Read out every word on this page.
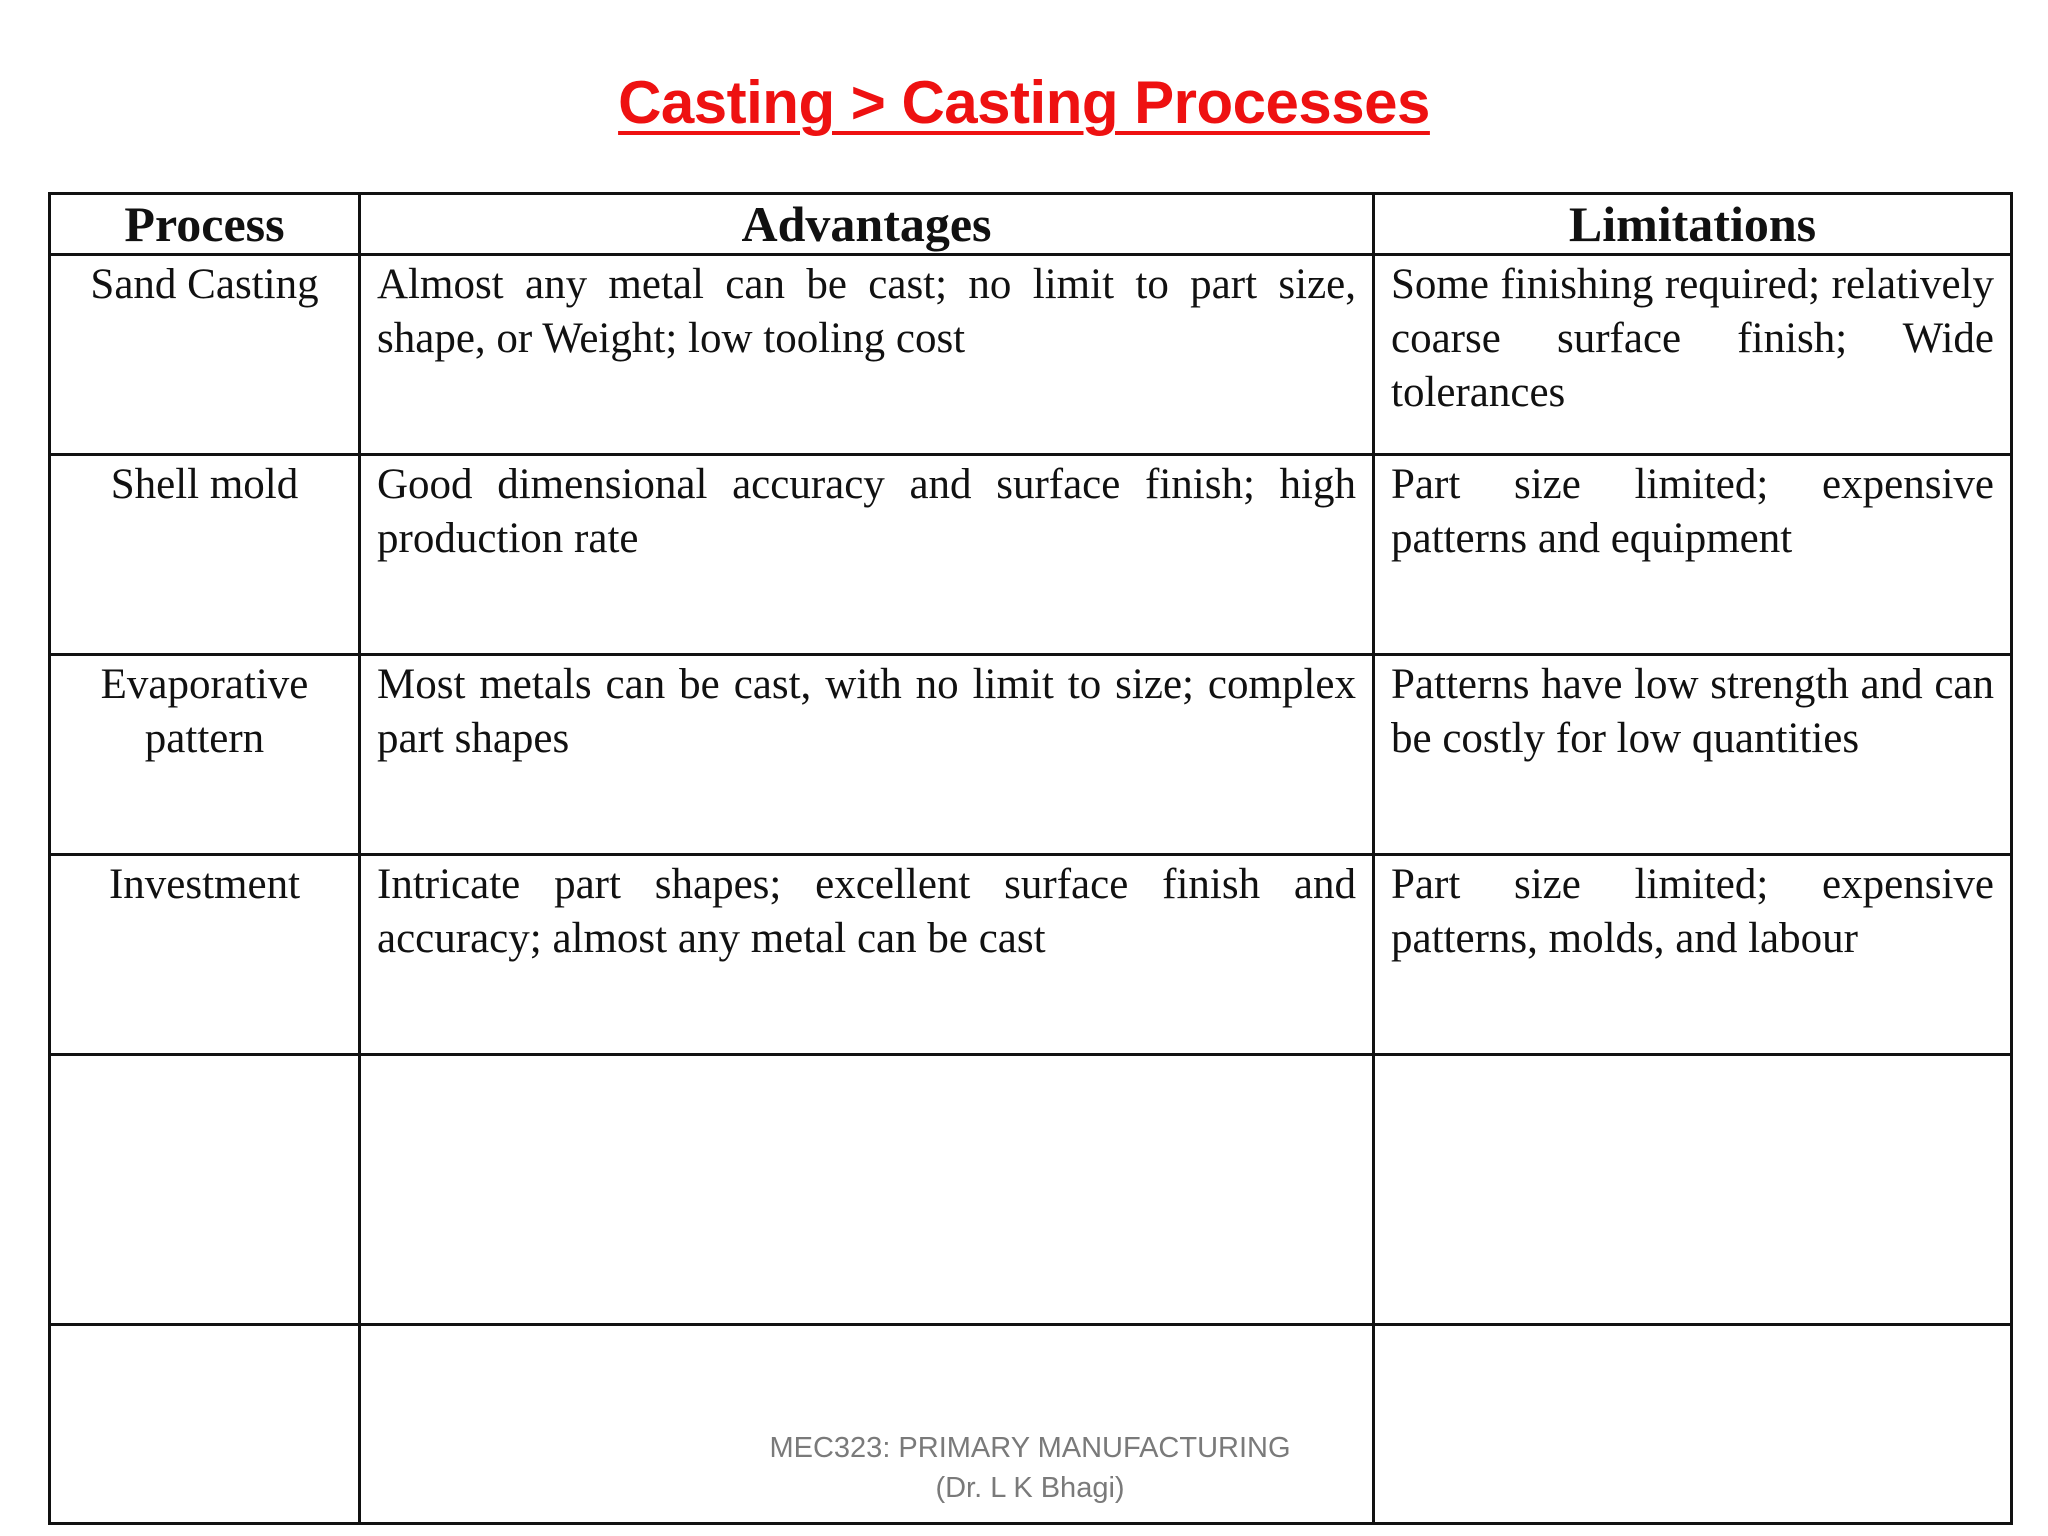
Casting > Casting Processes
Process	Advantages	Limitations
Sand Casting	Almost any metal can be cast; no limit to part size, shape, or Weight; low tooling cost	Some finishing required; relatively coarse surface finish; Wide tolerances
Shell mold	Good dimensional accuracy and surface finish; high production rate	Part size limited; expensive patterns and equipment
Evaporative pattern	Most metals can be cast, with no limit to size; complex part shapes	Patterns have low strength and can be costly for low quantities
Investment	Intricate part shapes; excellent surface finish and accuracy; almost any metal can be cast	Part size limited; expensive patterns, molds, and labour

MEC323: PRIMARY MANUFACTURING
(Dr. L K Bhagi)
